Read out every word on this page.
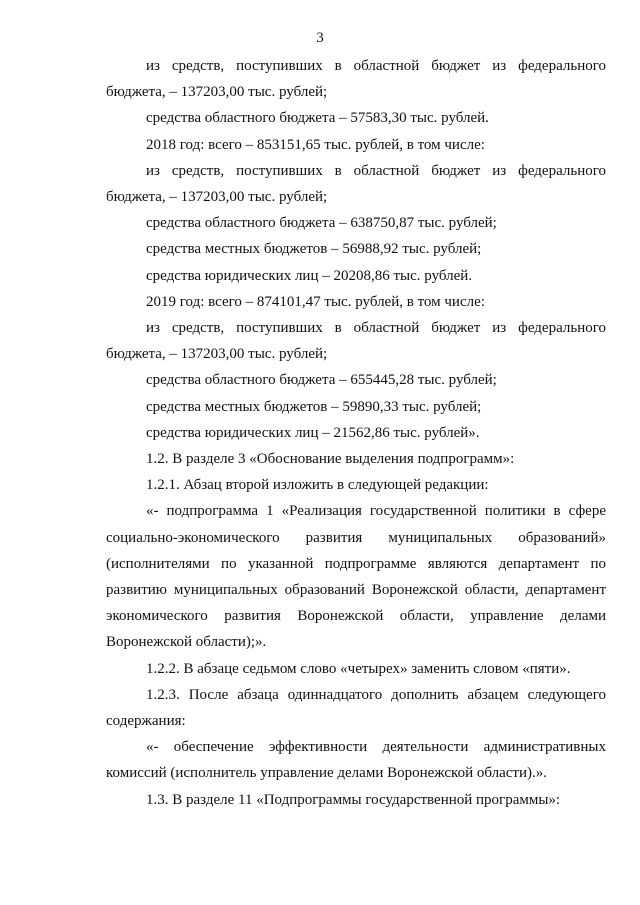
3

из средств, поступивших в областной бюджет из федерального бюджета, – 137203,00 тыс. рублей;

средства областного бюджета – 57583,30 тыс. рублей.

2018 год: всего – 853151,65 тыс. рублей, в том числе:

из средств, поступивших в областной бюджет из федерального бюджета, – 137203,00 тыс. рублей;

средства областного бюджета – 638750,87 тыс. рублей;

средства местных бюджетов – 56988,92 тыс. рублей;

средства юридических лиц – 20208,86 тыс. рублей.

2019 год: всего – 874101,47 тыс. рублей, в том числе:

из средств, поступивших в областной бюджет из федерального бюджета, – 137203,00 тыс. рублей;

средства областного бюджета – 655445,28 тыс. рублей;

средства местных бюджетов – 59890,33 тыс. рублей;

средства юридических лиц – 21562,86 тыс. рублей».

1.2. В разделе 3 «Обоснование выделения подпрограмм»:

1.2.1. Абзац второй изложить в следующей редакции:

«- подпрограмма 1 «Реализация государственной политики в сфере социально-экономического развития муниципальных образований» (исполнителями по указанной подпрограмме являются департамент по развитию муниципальных образований Воронежской области, департамент экономического развития Воронежской области, управление делами Воронежской области);».

1.2.2. В абзаце седьмом слово «четырех» заменить словом «пяти».

1.2.3. После абзаца одиннадцатого дополнить абзацем следующего содержания:

«- обеспечение эффективности деятельности административных комиссий (исполнитель управление делами Воронежской области).».

1.3. В разделе 11 «Подпрограммы государственной программы»:
